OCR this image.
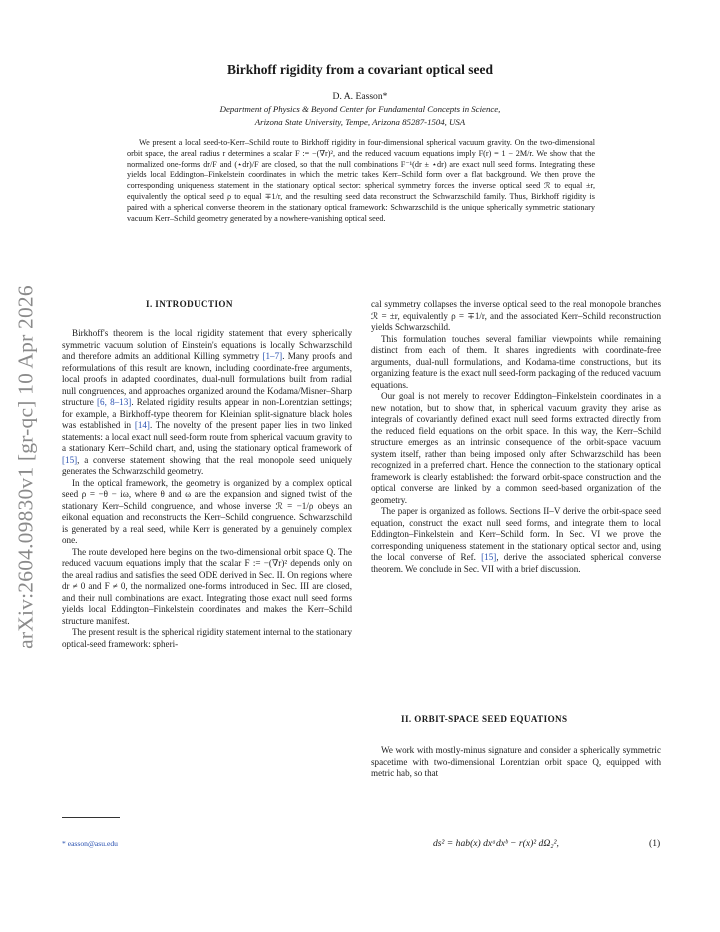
arXiv:2604.09830v1 [gr-qc] 10 Apr 2026
Birkhoff rigidity from a covariant optical seed
D. A. Easson*
Department of Physics & Beyond Center for Fundamental Concepts in Science,
Arizona State University, Tempe, Arizona 85287-1504, USA

We present a local seed-to-Kerr–Schild route to Birkhoff rigidity in four-dimensional spherical vacuum gravity. On the two-dimensional orbit space, the areal radius r determines a scalar F := −(∇r)², and the reduced vacuum equations imply F(r) = 1 − 2M/r. We show that the normalized one-forms dr/F and (⋆dr)/F are closed, so that the null combinations F⁻¹(dr ± ⋆dr) are exact null seed forms. Integrating these yields local Eddington–Finkelstein coordinates in which the metric takes Kerr–Schild form over a flat background. We then prove the corresponding uniqueness statement in the stationary optical sector: spherical symmetry forces the inverse optical seed ℛ to equal ±r, equivalently the optical seed ρ to equal ∓1/r, and the resulting seed data reconstruct the Schwarzschild family. Thus, Birkhoff rigidity is paired with a spherical converse theorem in the stationary optical framework: Schwarzschild is the unique spherically symmetric stationary vacuum Kerr–Schild geometry generated by a nowhere-vanishing optical seed.

I. INTRODUCTION

Birkhoff's theorem is the local rigidity statement that every spherically symmetric vacuum solution of Einstein's equations is locally Schwarzschild and therefore admits an additional Killing symmetry [1–7]. Many proofs and reformulations of this result are known, including coordinate-free arguments, local proofs in adapted coordinates, dual-null formulations built from radial null congruences, and approaches organized around the Kodama/Misner–Sharp structure [6, 8–13]. Related rigidity results appear in non-Lorentzian settings; for example, a Birkhoff-type theorem for Kleinian split-signature black holes was established in [14]. The novelty of the present paper lies in two linked statements: a local exact null seed-form route from spherical vacuum gravity to a stationary Kerr–Schild chart, and, using the stationary optical framework of [15], a converse statement showing that the real monopole seed uniquely generates the Schwarzschild geometry.

In the optical framework, the geometry is organized by a complex optical seed ρ = −θ − iω, where θ and ω are the expansion and signed twist of the stationary Kerr–Schild congruence, and whose inverse ℛ = −1/ρ obeys an eikonal equation and reconstructs the Kerr–Schild congruence. Schwarzschild is generated by a real seed, while Kerr is generated by a genuinely complex one.

The route developed here begins on the two-dimensional orbit space Q. The reduced vacuum equations imply that the scalar F := −(∇r)² depends only on the areal radius and satisfies the seed ODE derived in Sec. II. On regions where dr ≠ 0 and F ≠ 0, the normalized one-forms introduced in Sec. III are closed, and their null combinations are exact. Integrating those exact null seed forms yields local Eddington–Finkelstein coordinates and makes the Kerr–Schild structure manifest.

The present result is the spherical rigidity statement internal to the stationary optical-seed framework: spheri-

cal symmetry collapses the inverse optical seed to the real monopole branches ℛ = ±r, equivalently ρ = ∓1/r, and the associated Kerr–Schild reconstruction yields Schwarzschild.

This formulation touches several familiar viewpoints while remaining distinct from each of them. It shares ingredients with coordinate-free arguments, dual-null formulations, and Kodama-time constructions, but its organizing feature is the exact null seed-form packaging of the reduced vacuum equations.

Our goal is not merely to recover Eddington–Finkelstein coordinates in a new notation, but to show that, in spherical vacuum gravity they arise as integrals of covariantly defined exact null seed forms extracted directly from the reduced field equations on the orbit space. In this way, the Kerr–Schild structure emerges as an intrinsic consequence of the orbit-space vacuum system itself, rather than being imposed only after Schwarzschild has been recognized in a preferred chart. Hence the connection to the stationary optical framework is clearly established: the forward orbit-space construction and the optical converse are linked by a common seed-based organization of the geometry.

The paper is organized as follows. Sections II–V derive the orbit-space seed equation, construct the exact null seed forms, and integrate them to local Eddington–Finkelstein and Kerr–Schild form. In Sec. VI we prove the corresponding uniqueness statement in the stationary optical sector and, using the local converse of Ref. [15], derive the associated spherical converse theorem. We conclude in Sec. VII with a brief discussion.

II. ORBIT-SPACE SEED EQUATIONS

We work with mostly-minus signature and consider a spherically symmetric spacetime with two-dimensional Lorentzian orbit space Q, equipped with metric hab, so that

* easson@asu.edu	ds² = hab(x) dxᵃdxᵇ − r(x)² dΩ₂²,	(1)
